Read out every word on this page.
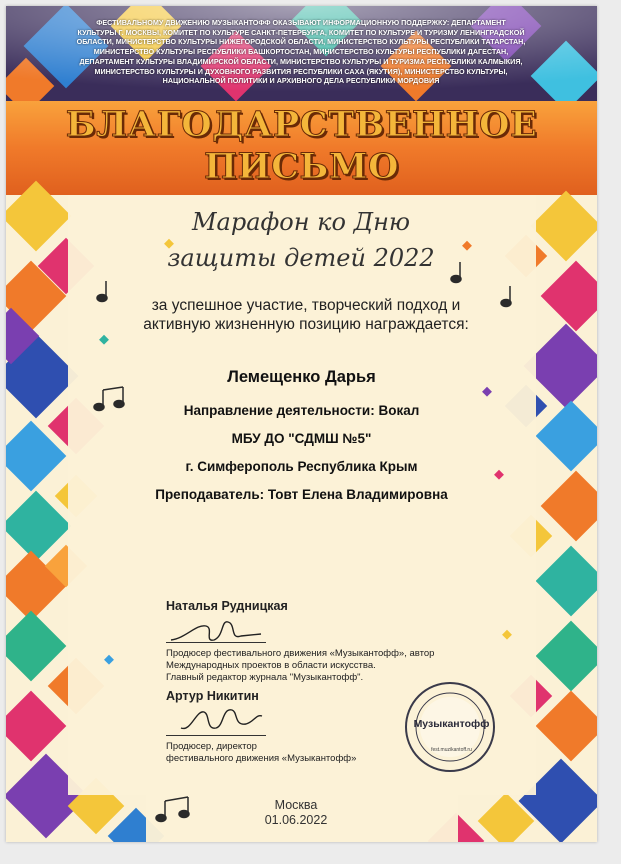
ФЕСТИВАЛЬНОМУ ДВИЖЕНИЮ МУЗЫКАНТОФФ ОКАЗЫВАЮТ ИНФОРМАЦИОННУЮ ПОДДЕРЖКУ: ДЕПАРТАМЕНТ КУЛЬТУРЫ Г. МОСКВЫ, КОМИТЕТ ПО КУЛЬТУРЕ САНКТ-ПЕТЕРБУРГА, КОМИТЕТ ПО КУЛЬТУРЕ И ТУРИЗМУ ЛЕНИНГРАДСКОЙ ОБЛАСТИ, МИНИСТЕРСТВО КУЛЬТУРЫ НИЖЕГОРОДСКОЙ ОБЛАСТИ, МИНИСТЕРСТВО КУЛЬТУРЫ РЕСПУБЛИКИ ТАТАРСТАН, МИНИСТЕРСТВО КУЛЬТУРЫ РЕСПУБЛИКИ БАШКОРТОСТАН, МИНИСТЕРСТВО КУЛЬТУРЫ РЕСПУБЛИКИ ДАГЕСТАН, ДЕПАРТАМЕНТ КУЛЬТУРЫ ВЛАДИМИРСКОЙ ОБЛАСТИ, МИНИСТЕРСТВО КУЛЬТУРЫ И ТУРИЗМА РЕСПУБЛИКИ КАЛМЫКИЯ, МИНИСТЕРСТВО КУЛЬТУРЫ И ДУХОВНОГО РАЗВИТИЯ РЕСПУБЛИКИ САХА (ЯКУТИЯ), МИНИСТЕРСТВО КУЛЬТУРЫ, НАЦИОНАЛЬНОЙ ПОЛИТИКИ И АРХИВНОГО ДЕЛА РЕСПУБЛИКИ МОРДОВИЯ
БЛАГОДАРСТВЕННОЕ
ПИСЬМО
Марафон ко Дню
защиты детей 2022
за успешное участие, творческий подход и
активную жизненную позицию награждается:
Лемещенко Дарья
Направление деятельности: Вокал
МБУ ДО "СДМШ №5"
г. Симферополь Республика Крым
Преподаватель: Товт Елена Владимировна
Наталья Рудницкая
Продюсер фестивального движения «Музыкантофф», автор
Международных проектов в области искусства.
Главный редактор журнала "Музыкантофф".
Артур Никитин
Продюсер, директор
фестивального движения «Музыкантофф»
Музыкантофф
fest.muzikantoff.ru
Москва
01.06.2022
